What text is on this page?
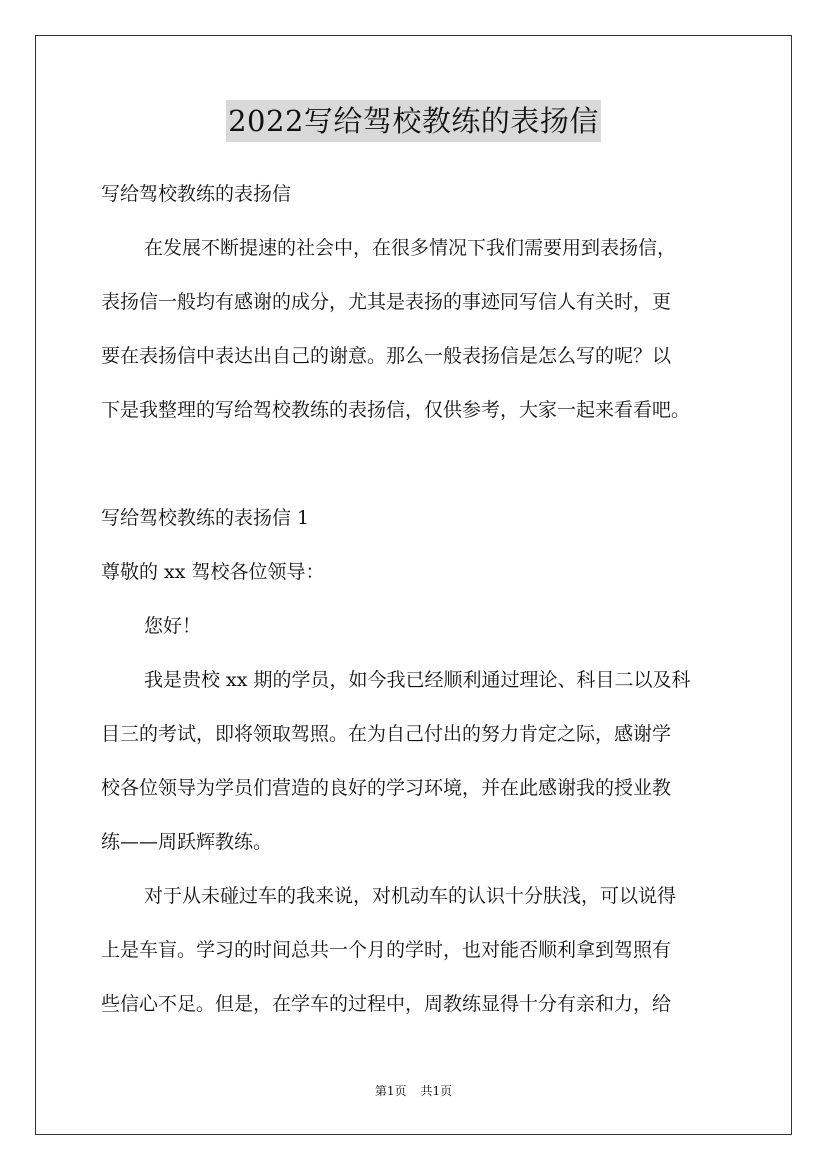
2022写给驾校教练的表扬信
写给驾校教练的表扬信
在发展不断提速的社会中，在很多情况下我们需要用到表扬信，
表扬信一般均有感谢的成分，尤其是表扬的事迹同写信人有关时，更
要在表扬信中表达出自己的谢意。那么一般表扬信是怎么写的呢？以
下是我整理的写给驾校教练的表扬信，仅供参考，大家一起来看看吧。
写给驾校教练的表扬信 1
尊敬的 xx 驾校各位领导：
您好！
我是贵校 xx 期的学员，如今我已经顺利通过理论、科目二以及科
目三的考试，即将领取驾照。在为自己付出的努力肯定之际，感谢学
校各位领导为学员们营造的良好的学习环境，并在此感谢我的授业教
练——周跃辉教练。
对于从未碰过车的我来说，对机动车的认识十分肤浅，可以说得
上是车盲。学习的时间总共一个月的学时，也对能否顺利拿到驾照有
些信心不足。但是，在学车的过程中，周教练显得十分有亲和力，给
第1页 共1页
